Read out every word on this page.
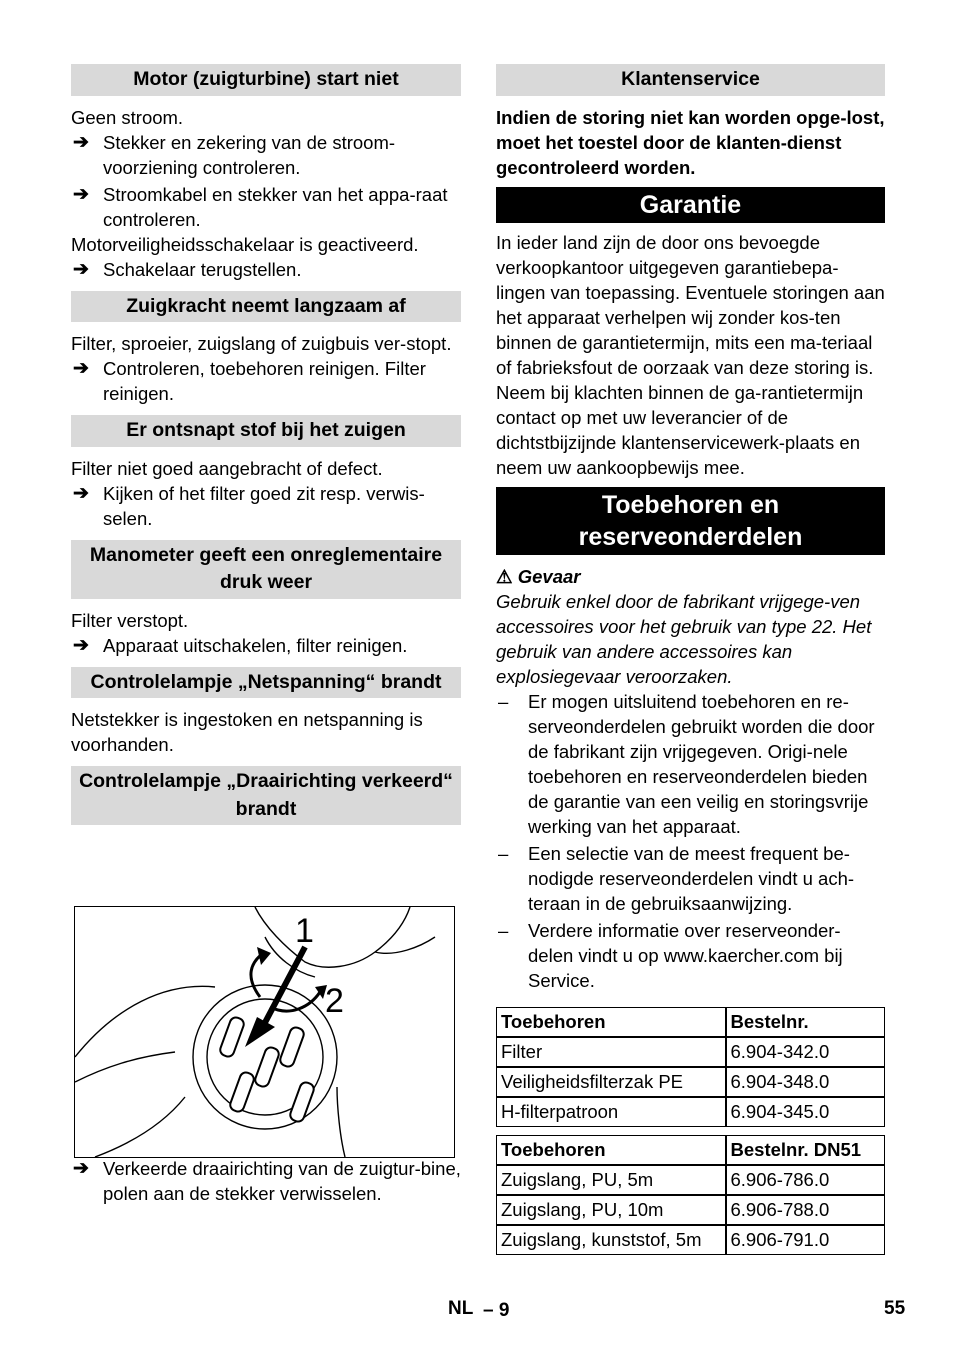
Motor (zuigturbine) start niet

Geen stroom.

➔ Stekker en zekering van de stroom-voorziening controleren.
➔ Stroomkabel en stekker van het appa-raat controleren.

Motorveiligheidsschakelaar is geactiveerd.

➔ Schakelaar terugstellen.
Zuigkracht neemt langzaam af

Filter, sproeier, zuigslang of zuigbuis ver-stopt.

➔ Controleren, toebehoren reinigen. Filter reinigen.
Er ontsnapt stof bij het zuigen

Filter niet goed aangebracht of defect.

➔ Kijken of het filter goed zit resp. verwis-selen.
Manometer geeft een onreglementaire druk weer

Filter verstopt.

➔ Apparaat uitschakelen, filter reinigen.
Controlelampje „Netspanning“ brandt

Netstekker is ingestoken en netspanning is voorhanden.

Controlelampje „Draairichting verkeerd“ brandt
1
2
➔ Verkeerde draairichting van de zuigtur-bine, polen aan de stekker verwisselen.
Klantenservice

Indien de storing niet kan worden opge-lost, moet het toestel door de klanten-dienst gecontroleerd worden.

Garantie

In ieder land zijn de door ons bevoegde verkoopkantoor uitgegeven garantiebepa-lingen van toepassing. Eventuele storingen aan het apparaat verhelpen wij zonder kos-ten binnen de garantietermijn, mits een ma-teriaal of fabrieksfout de oorzaak van deze storing is. Neem bij klachten binnen de ga-rantietermijn contact op met uw leverancier of de dichtstbijzijnde klantenservicewerk-plaats en neem uw aankoopbewijs mee.

Toebehoren en reserveonderdelen

⚠ Gevaar

Gebruik enkel door de fabrikant vrijgege-ven accessoires voor het gebruik van type 22. Het gebruik van andere accessoires kan explosiegevaar veroorzaken.

– Er mogen uitsluitend toebehoren en re-serveonderdelen gebruikt worden die door de fabrikant zijn vrijgegeven. Origi-nele toebehoren en reserveonderdelen bieden de garantie van een veilig en storingsvrije werking van het apparaat.
– Een selectie van de meest frequent be-nodigde reserveonderdelen vindt u ach-teraan in de gebruiksaanwijzing.
– Verdere informatie over reserveonder-delen vindt u op www.kaercher.com bij Service.
Toebehoren	Bestelnr.
Filter	6.904-342.0
Veiligheidsfilterzak PE	6.904-348.0
H-filterpatroon	6.904-345.0
Toebehoren	Bestelnr. DN51
Zuigslang, PU, 5m	6.906-786.0
Zuigslang, PU, 10m	6.906-788.0
Zuigslang, kunststof, 5m	6.906-791.0
NL – 9	55
